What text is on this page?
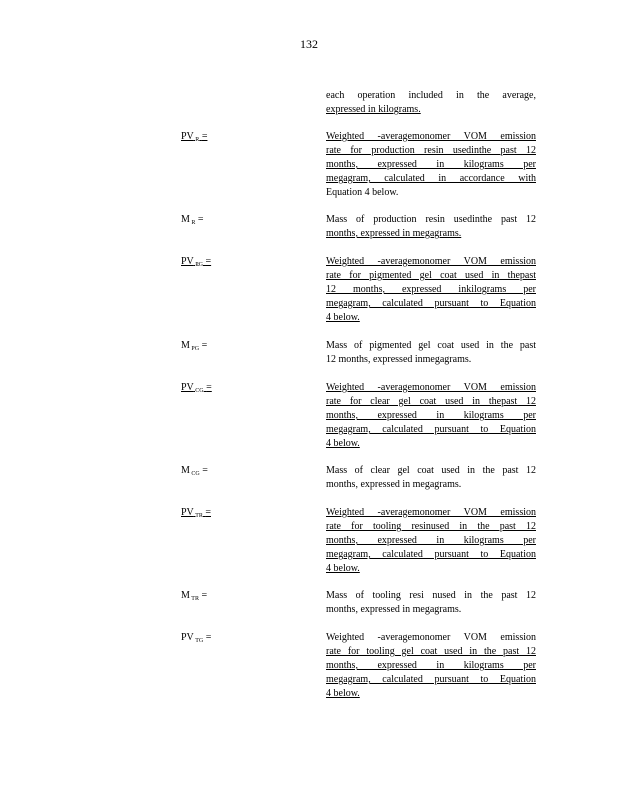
132
each operation included in the average,
expressed in kilograms.
PV $_R$ =	Weighted -averagemonomer VOM emission
rate for production resin usedinthe past 12
months, expressed in kilograms per
megagram, calculated in accordance with
Equation 4 below.
M $_R$ =	Mass of production resin usedinthe past 12
months, expressed in megagrams.
PV $_{PG}$ =	Weighted -averagemonomer VOM emission
rate for pigmented gel coat used in thepast
12 months, expressed inkilograms per
megagram, calculated pursuant to Equation
4 below.
M $_{PG}$ =	Mass of pigmented gel coat used in the past
12 months, expressed inmegagrams.
PV $_{CG}$ =	Weighted -averagemonomer VOM emission
rate for clear gel coat used in thepast 12
months, expressed in kilograms per
megagram, calculated pursuant to Equation
4 below.
M $_{CG}$ =	Mass of clear gel coat used in the past 12
months, expressed in megagrams.
PV $_{TR}$ =	Weighted -averagemonomer VOM emission
rate for tooling resinused in the past 12
months, expressed in kilograms per
megagram, calculated pursuant to Equation
4 below.
M $_{TR}$ =	Mass of tooling resi nused in the past 12
months, expressed in megagrams.
PV $_{TG}$ =	Weighted -averagemonomer VOM emission
rate for tooling gel coat used in the past 12
months, expressed in kilograms per
megagram, calculated pursuant to Equation
4 below.
